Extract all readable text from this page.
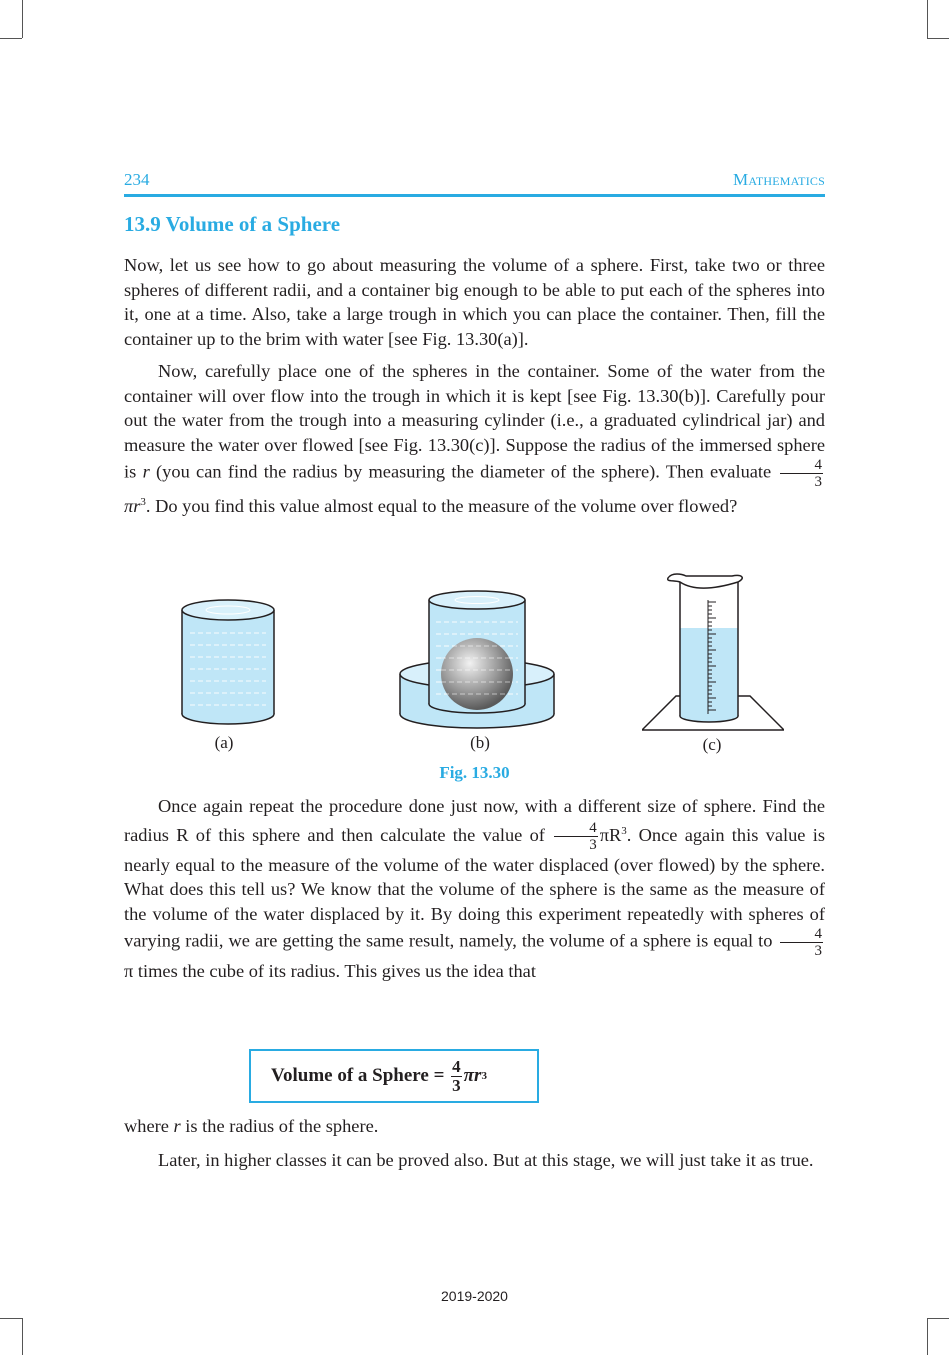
234	Mathematics
13.9 Volume of a Sphere

Now, let us see how to go about measuring the volume of a sphere. First, take two or three spheres of different radii, and a container big enough to be able to put each of the spheres into it, one at a time. Also, take a large trough in which you can place the container. Then, fill the container up to the brim with water [see Fig. 13.30(a)].

Now, carefully place one of the spheres in the container. Some of the water from the container will over flow into the trough in which it is kept [see Fig. 13.30(b)]. Carefully pour out the water from the trough into a measuring cylinder (i.e., a graduated cylindrical jar) and measure the water over flowed [see Fig. 13.30(c)]. Suppose the radius of the immersed sphere is r (you can find the radius by measuring the diameter of the sphere). Then evaluate $\frac{4}{3}$
$\pi r^3$. Do you find this value almost equal to the measure of the volume over flowed?

(a)	(b)	(c)
Fig. 13.30

Once again repeat the procedure done just now, with a different size of sphere. Find the radius R of this sphere and then calculate the value of $\frac{4}{3} \pi R^3$. Once again this value is nearly equal to the measure of the volume of the water displaced (over flowed) by the sphere. What does this tell us? We know that the volume of the sphere is the same as the measure of the volume of the water displaced by it. By doing this experiment repeatedly with spheres of varying radii, we are getting the same result, namely, the volume of a sphere is equal to $\frac{4}{3}$
π times the cube of its radius. This gives us the idea that

Volume of a Sphere =
$\frac{4}{3}$ πr 3

where r is the radius of the sphere.

Later, in higher classes it can be proved also. But at this stage, we will just take it as true.

2019-2020
